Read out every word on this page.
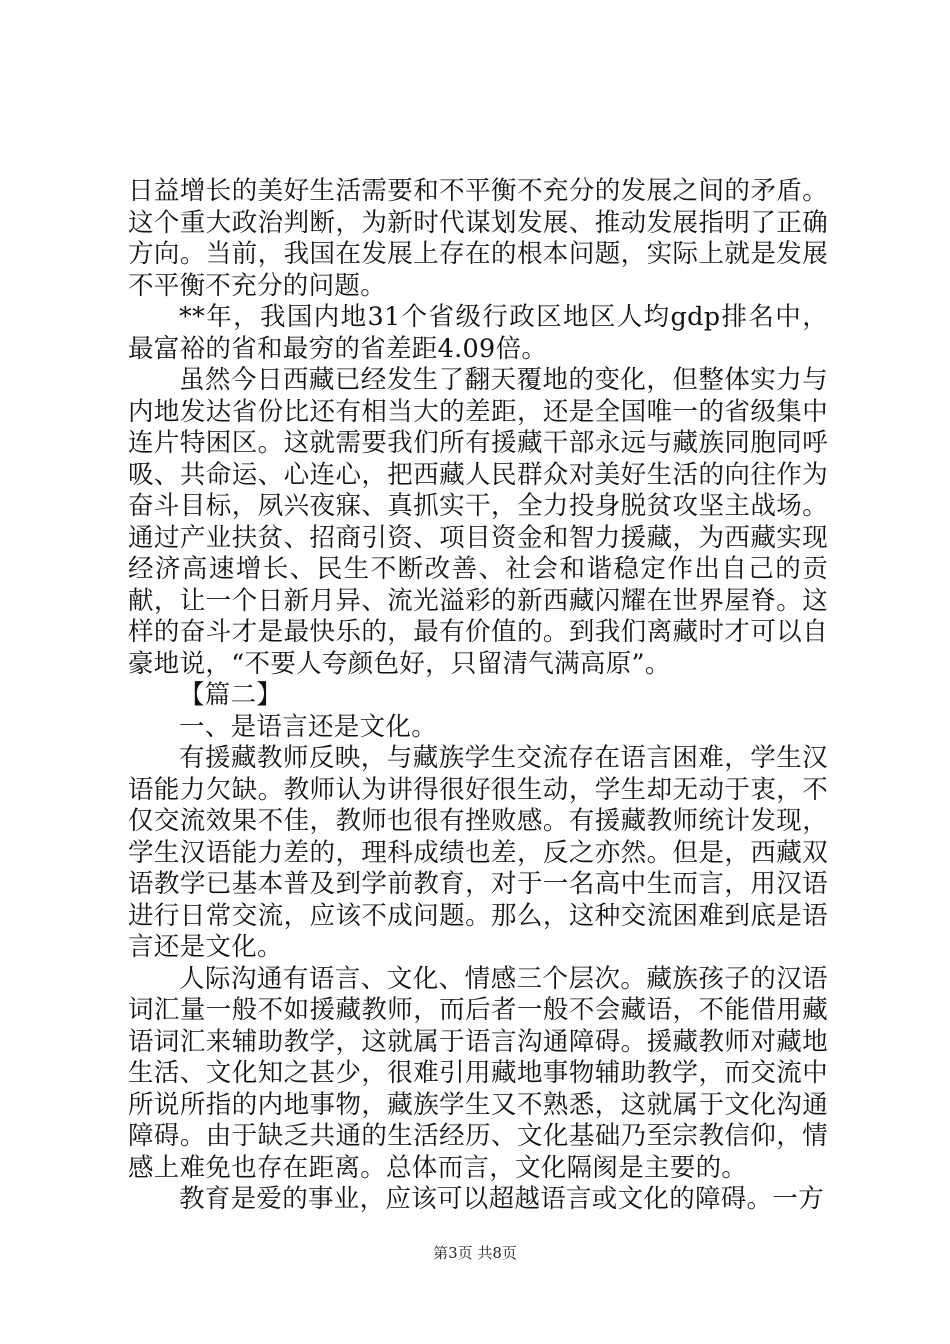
日益增长的美好生活需要和不平衡不充分的发展之间的矛盾。这个重大政治判断，为新时代谋划发展、推动发展指明了正确方向。当前，我国在发展上存在的根本问题，实际上就是发展不平衡不充分的问题。

**年，我国内地31个省级行政区地区人均gdp排名中，最富裕的省和最穷的省差距4.09倍。

虽然今日西藏已经发生了翻天覆地的变化，但整体实力与内地发达省份比还有相当大的差距，还是全国唯一的省级集中连片特困区。这就需要我们所有援藏干部永远与藏族同胞同呼吸、共命运、心连心，把西藏人民群众对美好生活的向往作为奋斗目标，夙兴夜寐、真抓实干，全力投身脱贫攻坚主战场。通过产业扶贫、招商引资、项目资金和智力援藏，为西藏实现经济高速增长、民生不断改善、社会和谐稳定作出自己的贡献，让一个日新月异、流光溢彩的新西藏闪耀在世界屋脊。这样的奋斗才是最快乐的，最有价值的。到我们离藏时才可以自豪地说，“不要人夸颜色好，只留清气满高原”。

【篇二】

一、是语言还是文化。

有援藏教师反映，与藏族学生交流存在语言困难，学生汉语能力欠缺。教师认为讲得很好很生动，学生却无动于衷，不仅交流效果不佳，教师也很有挫败感。有援藏教师统计发现，学生汉语能力差的，理科成绩也差，反之亦然。但是，西藏双语教学已基本普及到学前教育，对于一名高中生而言，用汉语进行日常交流，应该不成问题。那么，这种交流困难到底是语言还是文化。

人际沟通有语言、文化、情感三个层次。藏族孩子的汉语词汇量一般不如援藏教师，而后者一般不会藏语，不能借用藏语词汇来辅助教学，这就属于语言沟通障碍。援藏教师对藏地生活、文化知之甚少，很难引用藏地事物辅助教学，而交流中所说所指的内地事物，藏族学生又不熟悉，这就属于文化沟通障碍。由于缺乏共通的生活经历、文化基础乃至宗教信仰，情感上难免也存在距离。总体而言，文化隔阂是主要的。

教育是爱的事业，应该可以超越语言或文化的障碍。一方

第3页 共8页
